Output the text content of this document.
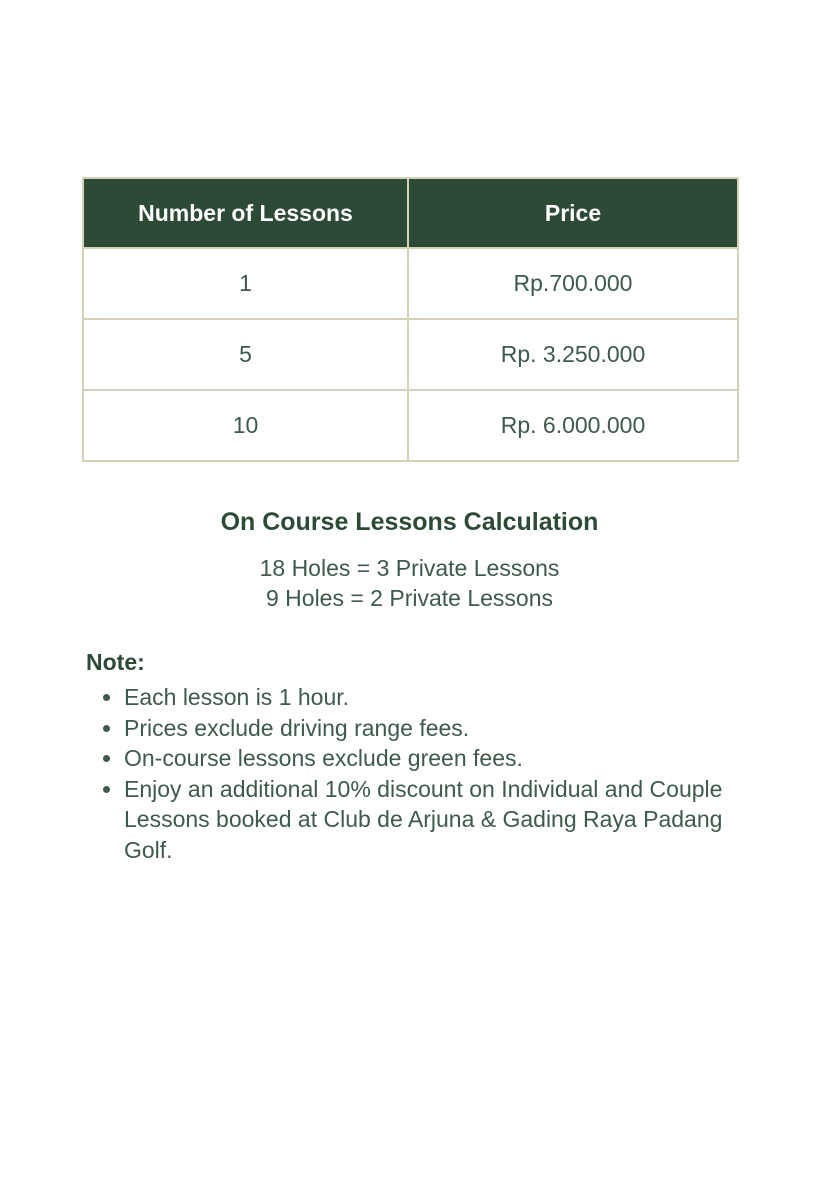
Number of Lessons	Price
1	Rp.700.000
5	Rp. 3.250.000
10	Rp. 6.000.000
On Course Lessons Calculation

18 Holes = 3 Private Lessons

9 Holes = 2 Private Lessons

Note:

• Each lesson is 1 hour.
• Prices exclude driving range fees.
• On-course lessons exclude green fees.
• Enjoy an additional 10% discount on Individual and Couple Lessons booked at Club de Arjuna & Gading Raya Padang Golf.
